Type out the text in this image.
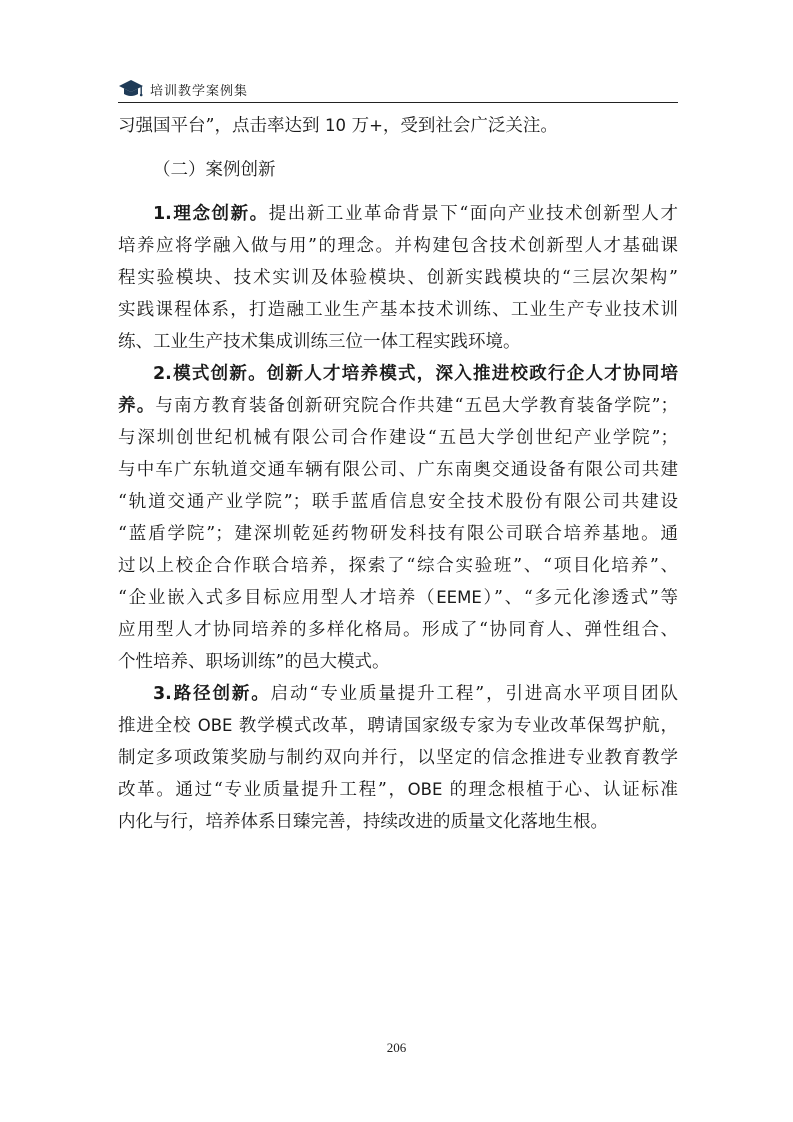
培训教学案例集

习强国平台”，点击率达到 10 万+，受到社会广泛关注。

（二）案例创新

1.理念创新。提出新工业革命背景下“面向产业技术创新型人才

培养应将学融入做与用”的理念。并构建包含技术创新型人才基础课

程实验模块、技术实训及体验模块、创新实践模块的“三层次架构”

实践课程体系，打造融工业生产基本技术训练、工业生产专业技术训

练、工业生产技术集成训练三位一体工程实践环境。

2.模式创新。创新人才培养模式，深入推进校政行企人才协同培

养。与南方教育装备创新研究院合作共建“五邑大学教育装备学院”；

与深圳创世纪机械有限公司合作建设“五邑大学创世纪产业学院”；

与中车广东轨道交通车辆有限公司、广东南奥交通设备有限公司共建

“轨道交通产业学院”；联手蓝盾信息安全技术股份有限公司共建设

“蓝盾学院”；建深圳乾延药物研发科技有限公司联合培养基地。通

过以上校企合作联合培养，探索了“综合实验班”、“项目化培养”、

“企业嵌入式多目标应用型人才培养（EEME）”、“多元化渗透式”等

应用型人才协同培养的多样化格局。形成了“协同育人、弹性组合、

个性培养、职场训练”的邑大模式。

3.路径创新。启动“专业质量提升工程”，引进高水平项目团队

推进全校 OBE 教学模式改革，聘请国家级专家为专业改革保驾护航，

制定多项政策奖励与制约双向并行，以坚定的信念推进专业教育教学

改革。通过“专业质量提升工程”，OBE 的理念根植于心、认证标准

内化与行，培养体系日臻完善，持续改进的质量文化落地生根。

206
